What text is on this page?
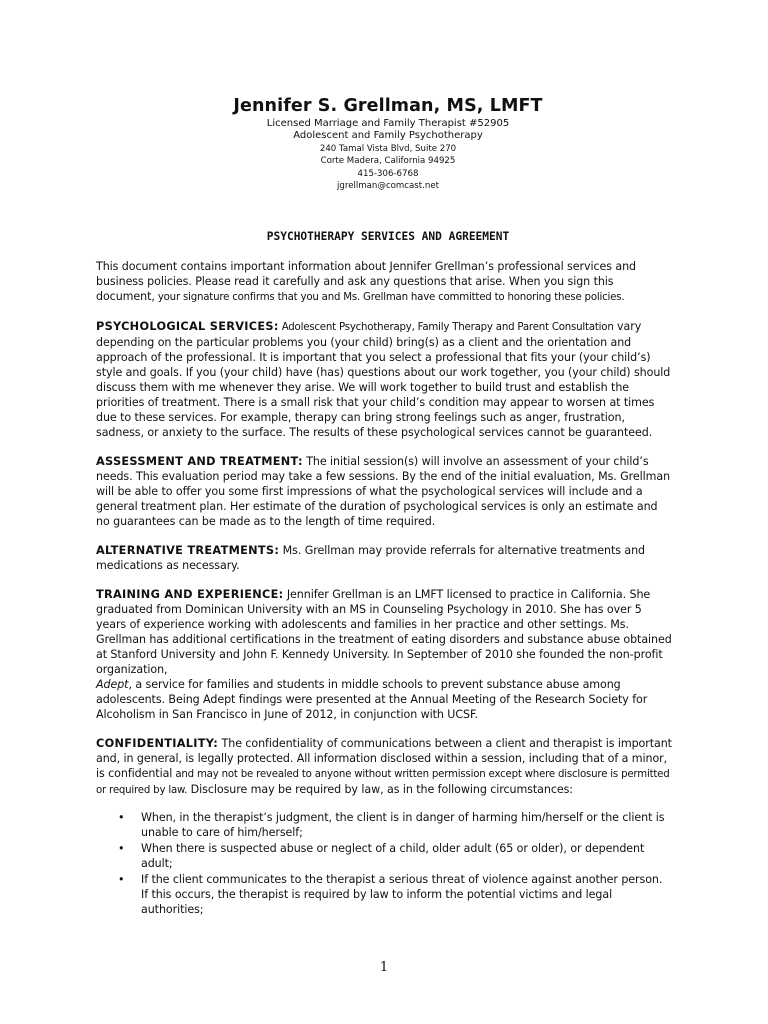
Jennifer S. Grellman, MS, LMFT

Licensed Marriage and Family Therapist #52905

Adolescent and Family Psychotherapy

240 Tamal Vista Blvd, Suite 270

Corte Madera, California 94925

415-306-6768

jgrellman@comcast.net

PSYCHOTHERAPY SERVICES AND AGREEMENT

This document contains important information about Jennifer Grellman’s professional services and business policies. Please read it carefully and ask any questions that arise. When you sign this document, your signature confirms that you and Ms. Grellman have committed to honoring these policies.

PSYCHOLOGICAL SERVICES: Adolescent Psychotherapy, Family Therapy and Parent Consultation vary depending on the particular problems you (your child) bring(s) as a client and the orientation and approach of the professional. It is important that you select a professional that fits your (your child’s) style and goals. If you (your child) have (has) questions about our work together, you (your child) should discuss them with me whenever they arise. We will work together to build trust and establish the priorities of treatment. There is a small risk that your child’s condition may appear to worsen at times due to these services. For example, therapy can bring strong feelings such as anger, frustration, sadness, or anxiety to the surface. The results of these psychological services cannot be guaranteed.

ASSESSMENT AND TREATMENT: The initial session(s) will involve an assessment of your child’s needs. This evaluation period may take a few sessions. By the end of the initial evaluation, Ms. Grellman will be able to offer you some first impressions of what the psychological services will include and a general treatment plan. Her estimate of the duration of psychological services is only an estimate and no guarantees can be made as to the length of time required.

ALTERNATIVE TREATMENTS: Ms. Grellman may provide referrals for alternative treatments and medications as necessary.

TRAINING AND EXPERIENCE: Jennifer Grellman is an LMFT licensed to practice in California. She graduated from Dominican University with an MS in Counseling Psychology in 2010. She has over 5 years of experience working with adolescents and families in her practice and other settings. Ms. Grellman has additional certifications in the treatment of eating disorders and substance abuse obtained at Stanford University and John F. Kennedy University. In September of 2010 she founded the non-profit organization,
Adept, a service for families and students in middle schools to prevent substance abuse among adolescents. Being Adept findings were presented at the Annual Meeting of the Research Society for Alcoholism in San Francisco in June of 2012, in conjunction with UCSF.

CONFIDENTIALITY: The confidentiality of communications between a client and therapist is important and, in general, is legally protected. All information disclosed within a session, including that of a minor, is confidential and may not be revealed to anyone without written permission except where disclosure is permitted or required by law. Disclosure may be required by law, as in the following circumstances:

• When, in the therapist’s judgment, the client is in danger of harming him/herself or the client is unable to care of him/herself;
• When there is suspected abuse or neglect of a child, older adult (65 or older), or dependent adult;
• If the client communicates to the therapist a serious threat of violence against another person. If this occurs, the therapist is required by law to inform the potential victims and legal authorities;
1
